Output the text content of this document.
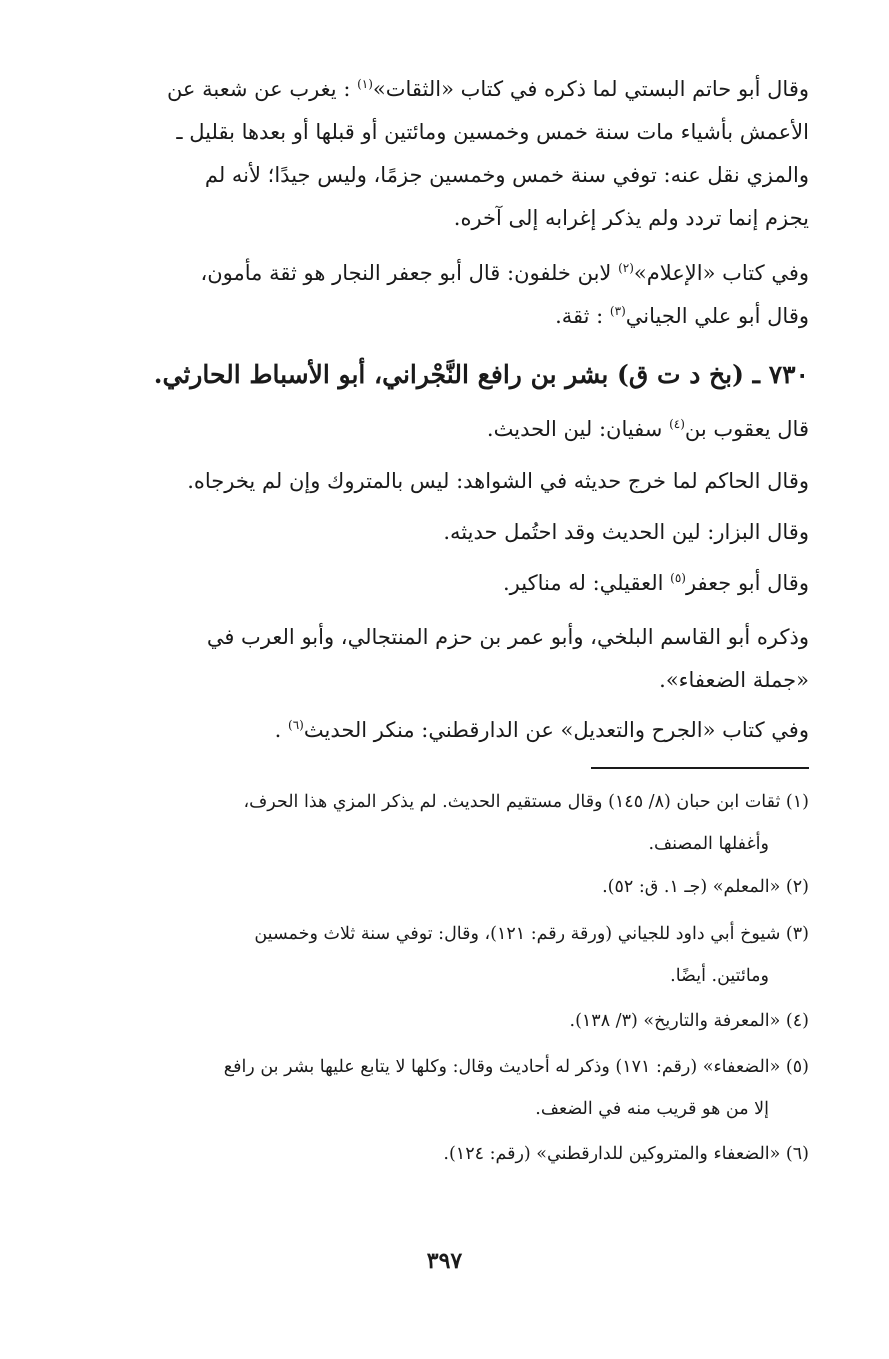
وقال أبو حاتم البستي لما ذكره في كتاب «الثقات»$^{(١)}$ : يغرب عن شعبة عن
الأعمش بأشياء مات سنة خمس وخمسين ومائتين أو قبلها أو بعدها بقليل ـ
والمزي نقل عنه: توفي سنة خمس وخمسين جزمًا، وليس جيدًا؛ لأنه لم
يجزم إنما تردد ولم يذكر إغرابه إلى آخره.
وفي كتاب «الإعلام»$^{(٢)}$ لابن خلفون: قال أبو جعفر النجار هو ثقة مأمون،
وقال أبو علي الجياني$^{(٣)}$ : ثقة.
٧٣٠ ـ (بخ د ت ق) بشر بن رافع النَّجْراني، أبو الأسباط الحارثي.
قال يعقوب بن$^{(٤)}$ سفيان: لين الحديث.
وقال الحاكم لما خرج حديثه في الشواهد: ليس بالمتروك وإن لم يخرجاه.
وقال البزار: لين الحديث وقد احتُمل حديثه.
وقال أبو جعفر$^{(٥)}$ العقيلي: له مناكير.
وذكره أبو القاسم البلخي، وأبو عمر بن حزم المنتجالي، وأبو العرب في
«جملة الضعفاء».
وفي كتاب «الجرح والتعديل» عن الدارقطني: منكر الحديث$^{(٦)}$ .
(١) ثقات ابن حبان (٨/ ١٤٥) وقال مستقيم الحديث. لم يذكر المزي هذا الحرف،
وأغفلها المصنف.
(٢) «المعلم» (جـ ١. ق: ٥٢).
(٣) شيوخ أبي داود للجياني (ورقة رقم: ١٢١)، وقال: توفي سنة ثلاث وخمسين
ومائتين. أيضًا.
(٤) «المعرفة والتاريخ» (٣/ ١٣٨).
(٥) «الضعفاء» (رقم: ١٧١) وذكر له أحاديث وقال: وكلها لا يتابع عليها بشر بن رافع
إلا من هو قريب منه في الضعف.
(٦) «الضعفاء والمتروكين للدارقطني» (رقم: ١٢٤).
٣٩٧
